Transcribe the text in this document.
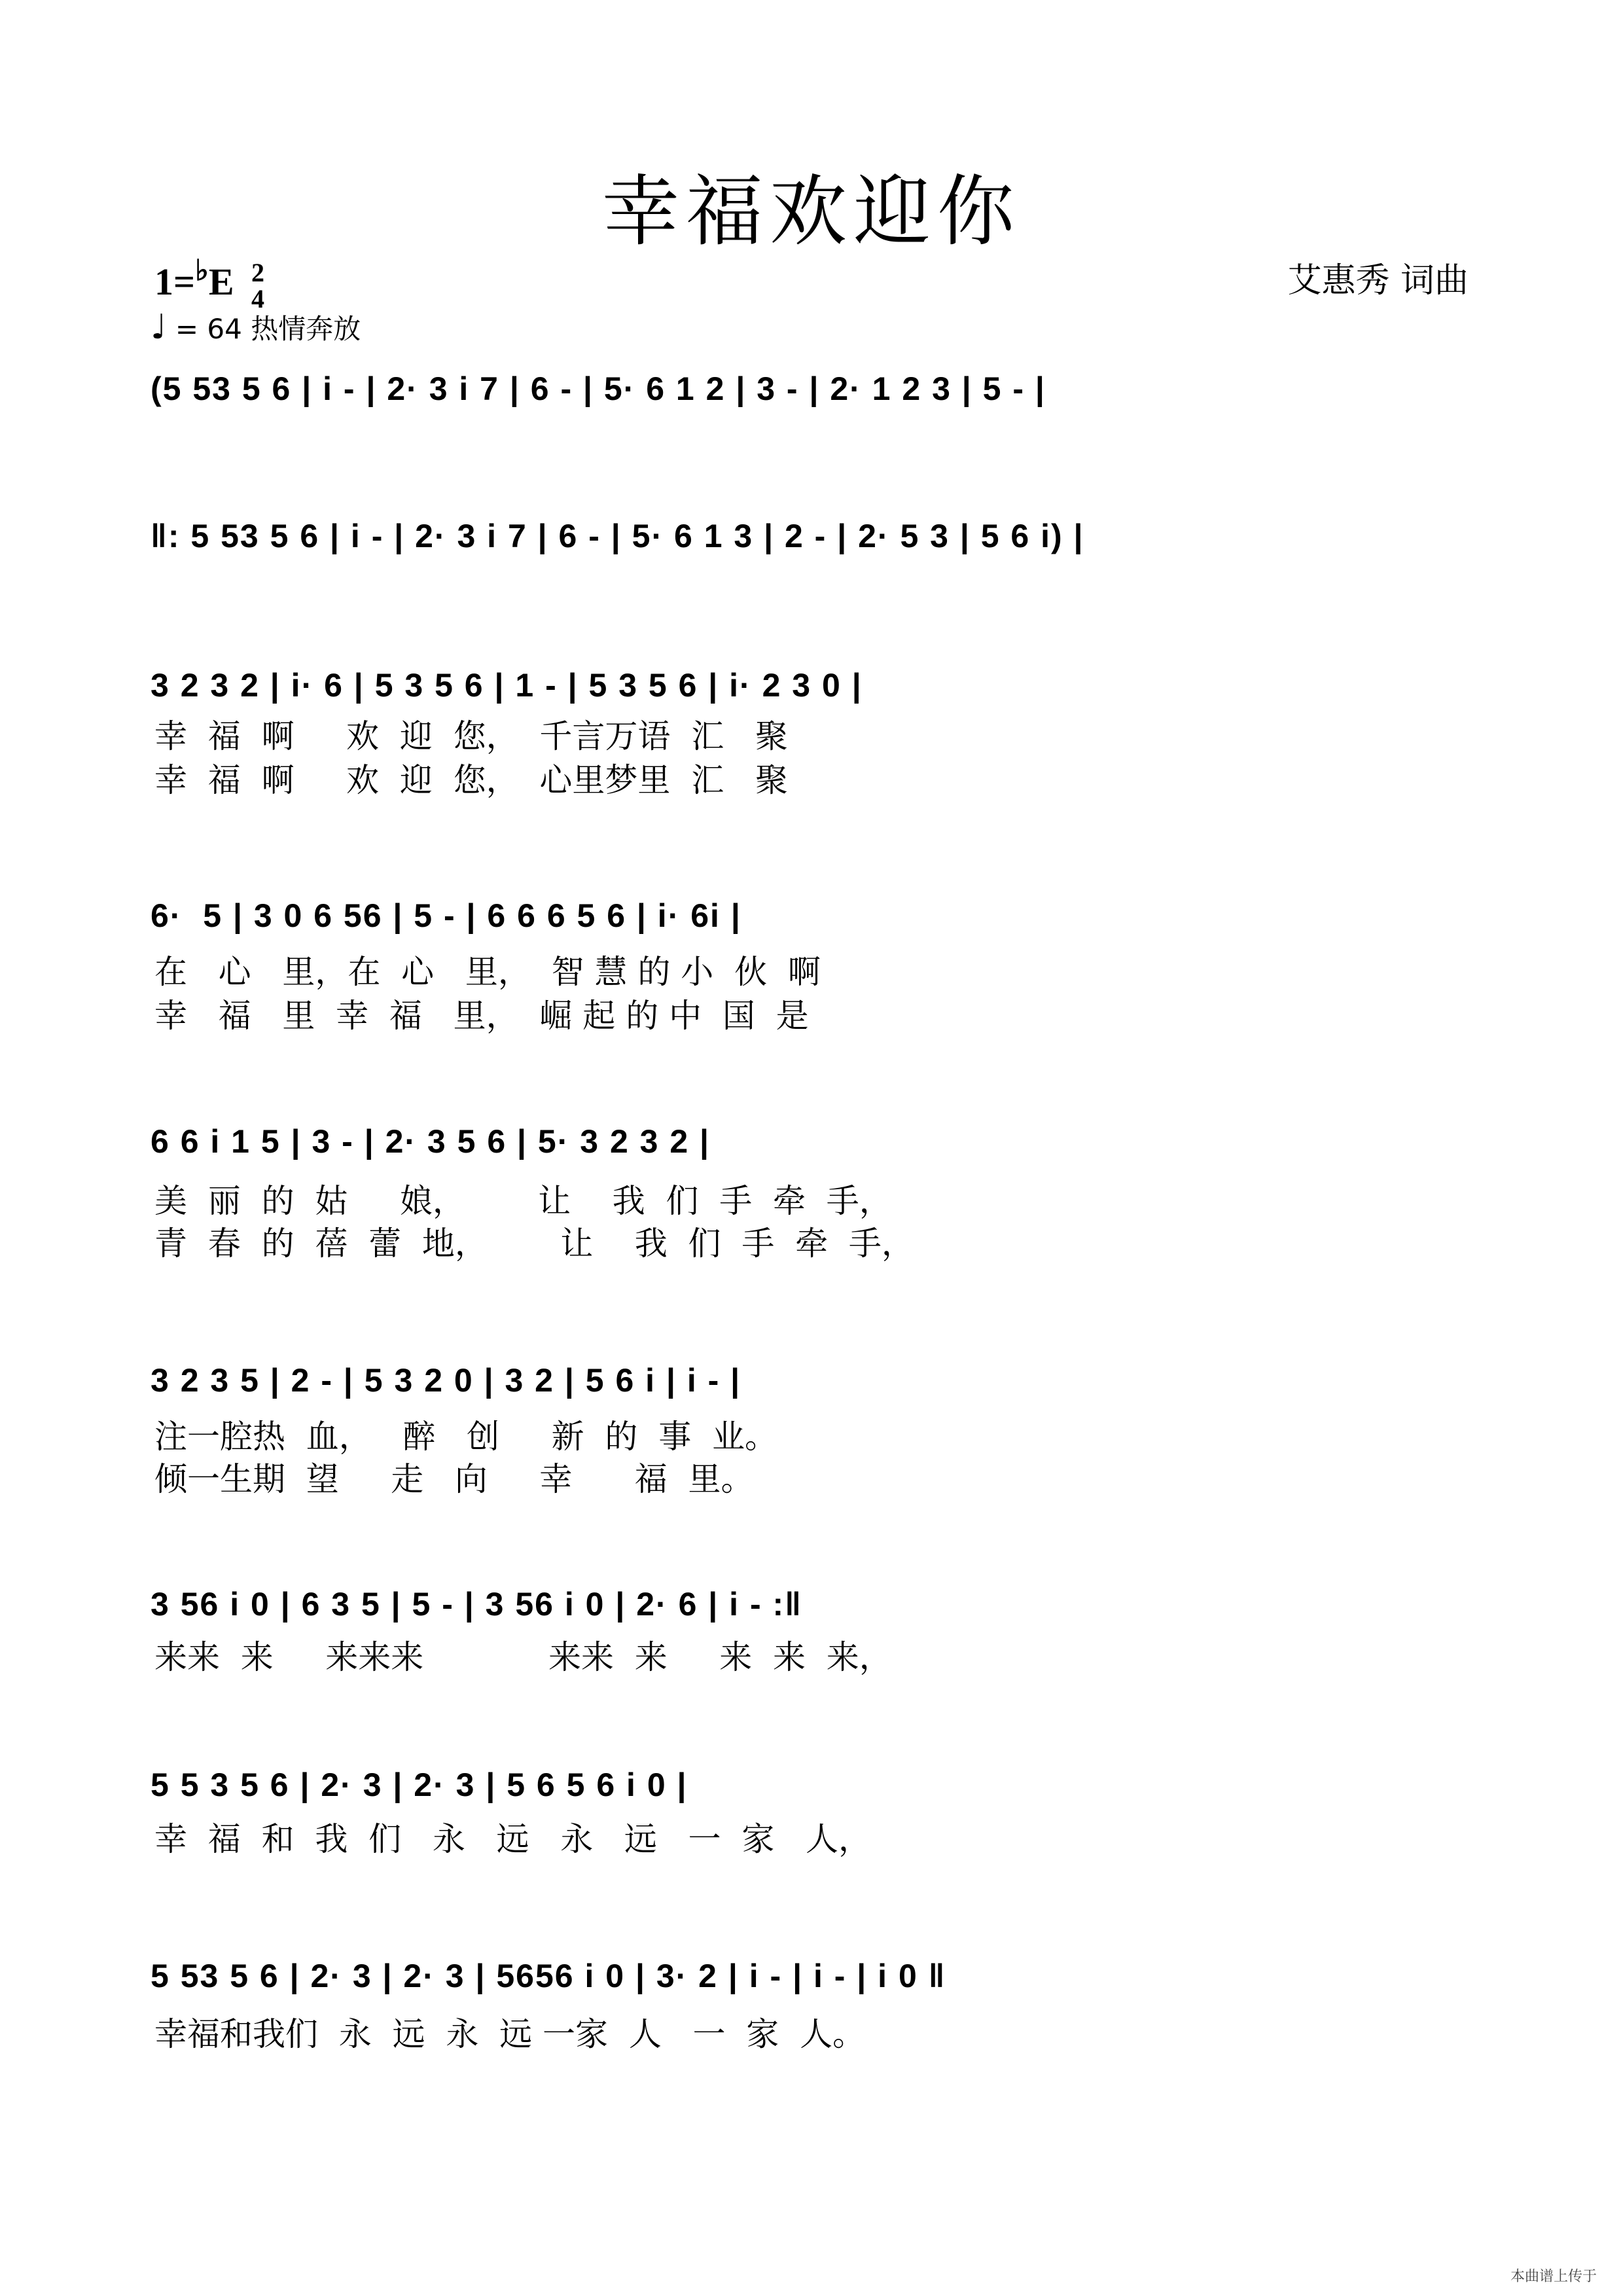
幸福欢迎你
1=♭E 2
4
♩ = 64 热情奔放
艾惠秀 词曲
(5 53 5 6 | i - | 2· 3 i 7 | 6 - | 5· 6 1 2 | 3 - | 2· 1 2 3 | 5 - |
‖: 5 53 5 6 | i - | 2· 3 i 7 | 6 - | 5· 6 1 3 | 2 - | 2· 5 3 | 5 6 i) |
3 2 3 2 | i· 6 | 5 3 5 6 | 1 - | 5 3 5 6 | i· 2 3 0 |
幸  福  啊     欢  迎  您，  千言万语  汇   聚
幸  福  啊     欢  迎  您，  心里梦里  汇   聚
6·  5 | 3 0 6 56 | 5 - | 6 6 6 5 6 | i· 6i |
在   心   里，在  心   里，  智 慧 的 小  伙  啊
幸   福   里  幸  福   里，  崛 起 的 中  国  是
6 6 i 1 5 | 3 - | 2· 3 5 6 | 5· 3 2 3 2 |
美  丽  的  姑     娘，       让    我  们  手  牵  手，
青  春  的  蓓  蕾  地，       让    我  们  手  牵  手，
3 2 3 5 | 2 - | 5 3 2 0 | 3 2 | 5 6 i | i - |
注一腔热  血，   醉   创     新  的  事  业。
倾一生期  望     走   向     幸      福  里。
3 56 i 0 | 6 3 5 | 5 - | 3 56 i 0 | 2· 6 | i - :‖
来来  来     来来来            来来  来     来  来  来，
5 5 3 5 6 | 2· 3 | 2· 3 | 5 6 5 6 i 0 |
幸  福  和  我  们   永   远   永   远   一  家   人，
5 53 5 6 | 2· 3 | 2· 3 | 5656 i 0 | 3· 2 | i - | i - | i 0 ‖
幸福和我们  永  远  永  远 一家  人   一  家  人。
本曲谱上传于
